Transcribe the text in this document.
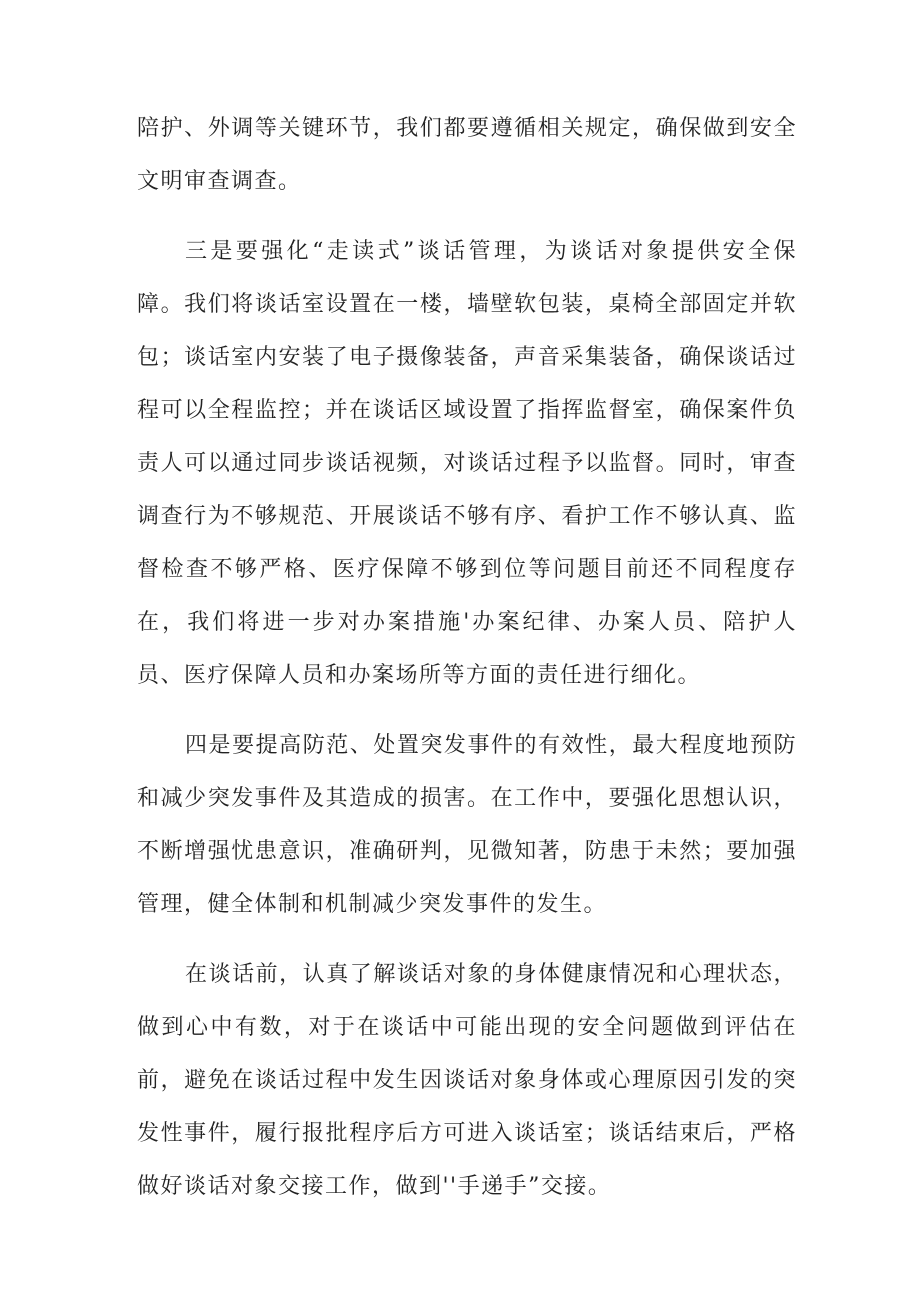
陪护、外调等关键环节，我们都要遵循相关规定，确保做到安全文明审查调查。

三是要强化“走读式”谈话管理，为谈话对象提供安全保障。我们将谈话室设置在一楼，墙壁软包装，桌椅全部固定并软包；谈话室内安装了电子摄像装备，声音采集装备，确保谈话过程可以全程监控；并在谈话区域设置了指挥监督室，确保案件负责人可以通过同步谈话视频，对谈话过程予以监督。同时，审查调查行为不够规范、开展谈话不够有序、看护工作不够认真、监督检查不够严格、医疗保障不够到位等问题目前还不同程度存在，我们将进一步对办案措施'办案纪律、办案人员、陪护人员、医疗保障人员和办案场所等方面的责任进行细化。

四是要提高防范、处置突发事件的有效性，最大程度地预防和减少突发事件及其造成的损害。在工作中，要强化思想认识，不断增强忧患意识，准确研判，见微知著，防患于未然；要加强管理，健全体制和机制减少突发事件的发生。

在谈话前，认真了解谈话对象的身体健康情况和心理状态，做到心中有数，对于在谈话中可能出现的安全问题做到评估在前，避免在谈话过程中发生因谈话对象身体或心理原因引发的突发性事件，履行报批程序后方可进入谈话室；谈话结束后，严格做好谈话对象交接工作，做到''手递手”交接。
